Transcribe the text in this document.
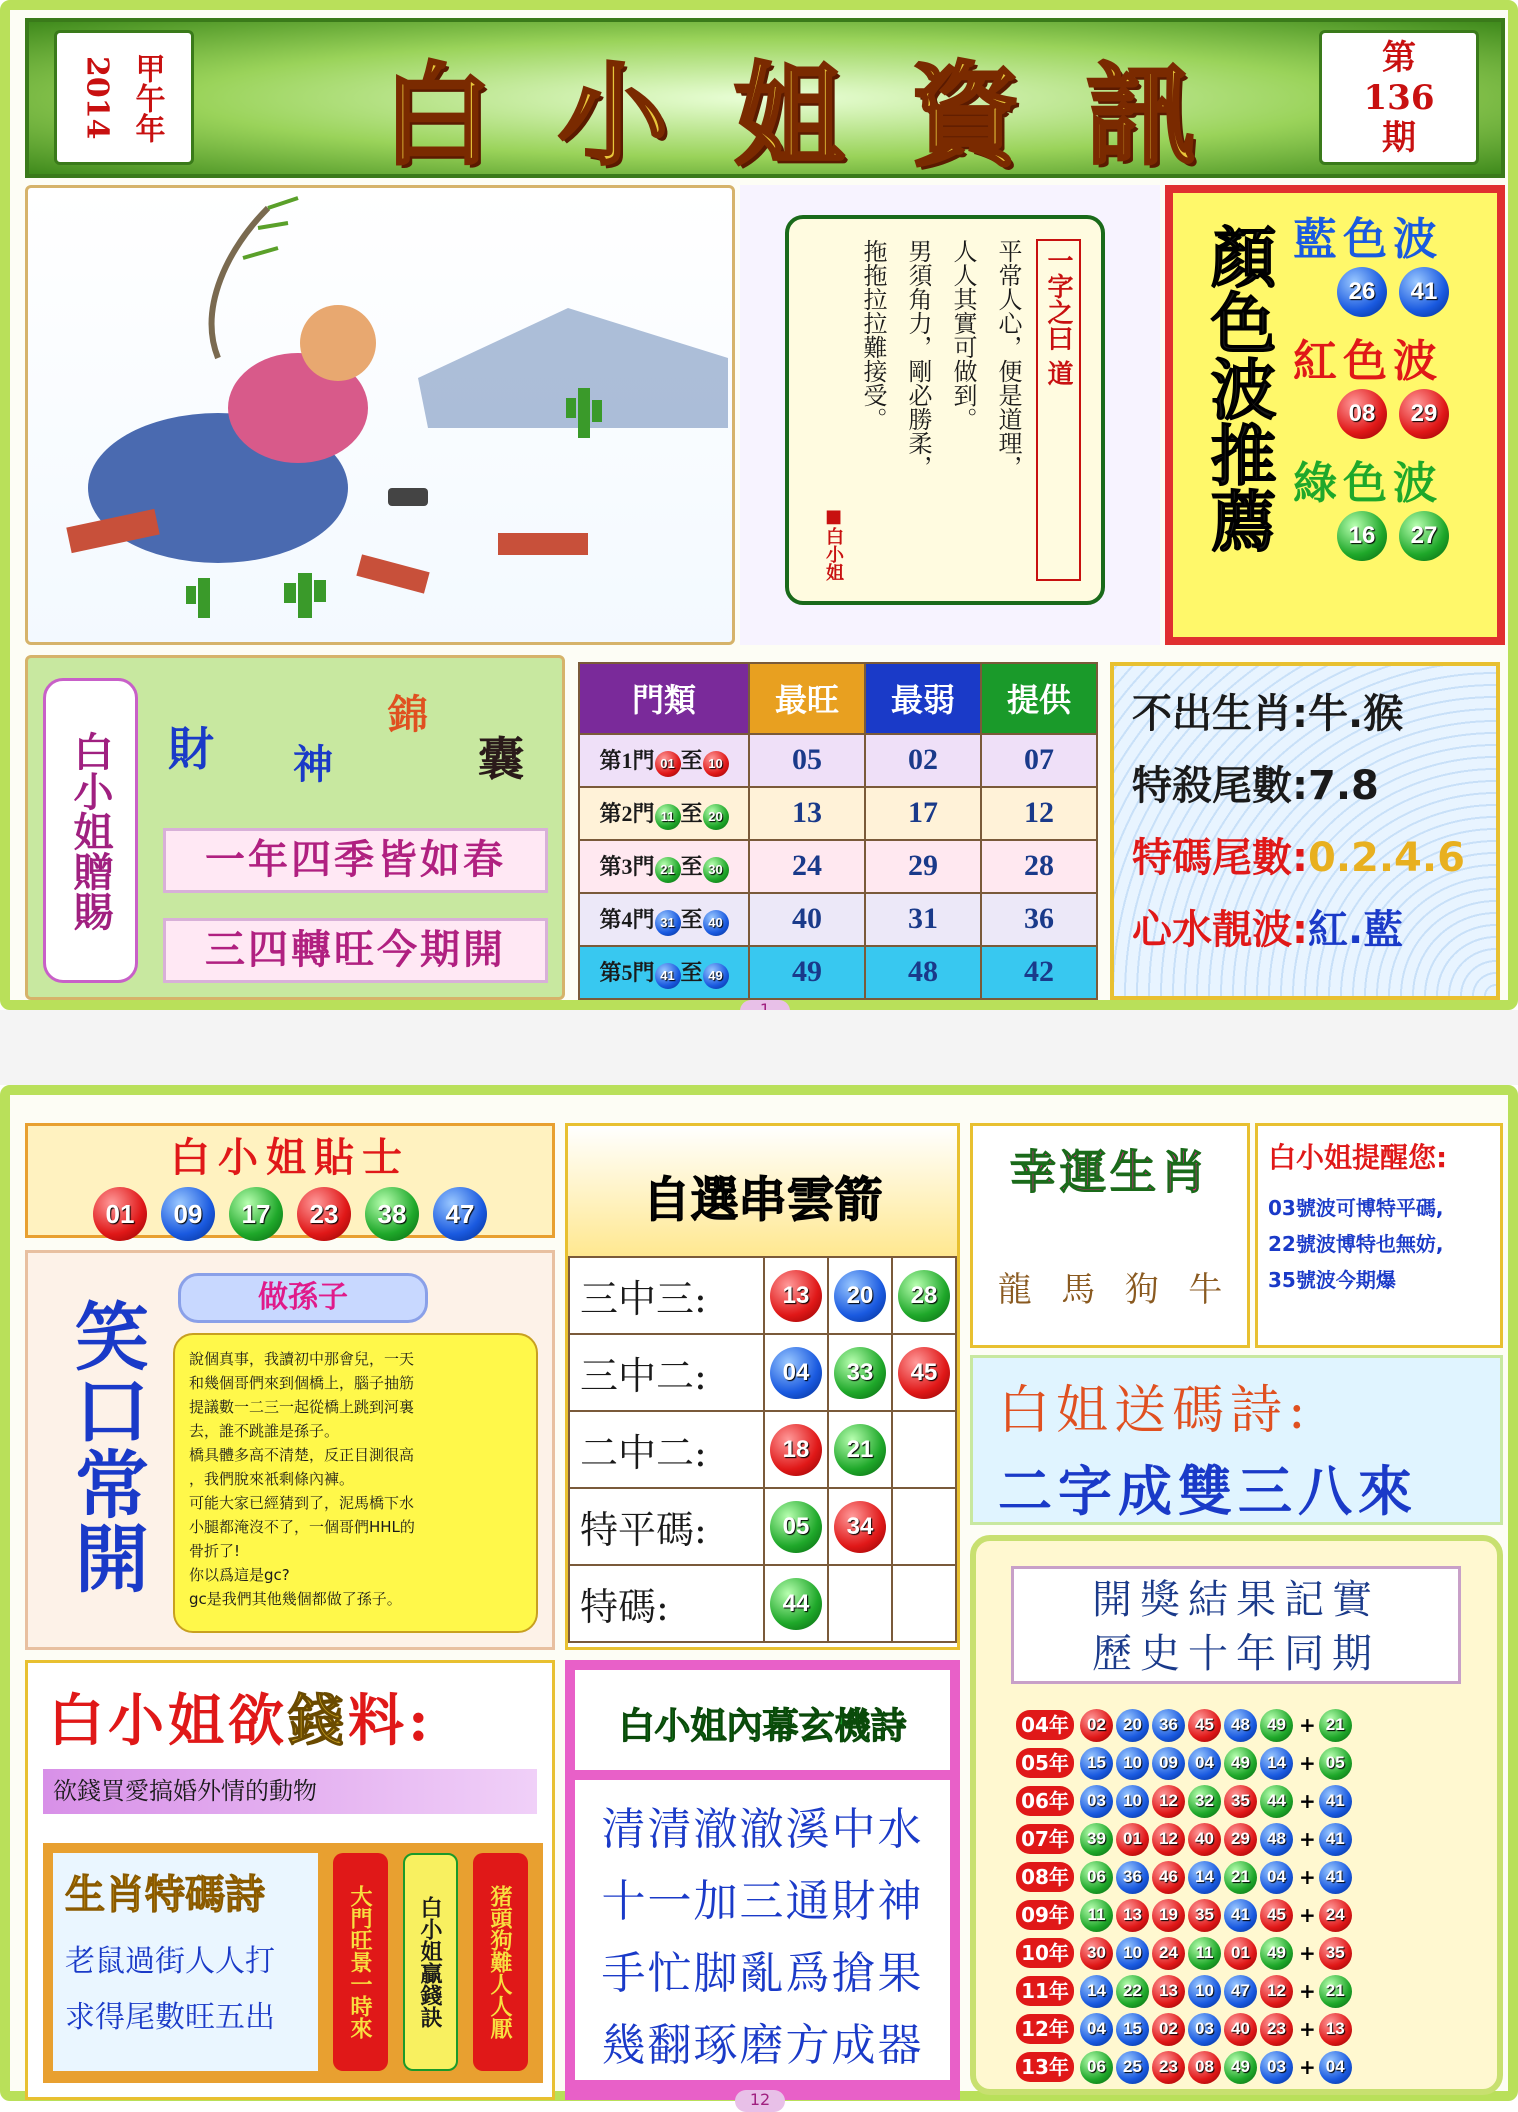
2014 甲午年 白 小 姐 資 訊	第
136
期
一字之曰 道
平常人心，便是道理，
人人其實可做到。
男須角力，剛必勝柔，
拖拖拉拉難接受。
■白小姐	顏色波推薦 藍色波
26	41
紅色波
08	29
綠色波
16	27
白小姐贈賜	財 神
錦
囊
一年四季皆如春
三四轉旺今期開
門類	最旺	最弱	提供
第1門 01 至 10	05	02	07
第2門 11 至 20	13	17	12
第3門 21 至 30	24	29	28
第4門 31 至 40	40	31	36
第5門 41 至 49	49	48	42
不出生肖:牛.猴
特殺尾數:7.8
特碼尾數:0.2.4.6
心水靚波:紅.藍
白小姐貼士
01	09	17	23	38	47
笑口常開
做孫子
說個真事，我讀初中那會兒，一天
和幾個哥們來到個橋上，腦子抽筋
提議數一二三一起從橋上跳到河裏
去，誰不跳誰是孫子。
橋具體多高不清楚，反正目測很高
，我們脫來衹剩條內褲。
可能大家已經猜到了，泥馬橋下水
小腿都淹沒不了，一個哥們HHL的
骨折了!
你以爲這是gc?
gc是我們其他幾個都做了孫子。
自選串雲箭
三中三:	13	20	28
三中二:	04	33	45
二中二:	18	21	
特平碼:	05	34	
特碼:	44		
幸運生肖
龍 馬 狗 牛
白小姐提醒您:
03號波可博特平碼,
22號波博特也無妨,
35號波今期爆
白姐送碼詩:
二字成雙三八來
開獎結果記實
歷史十年同期
04年	02	20	36	45	48	49 + 21
05年	15	10	09	04	49	14 + 05
06年	03	10	12	32	35	44 + 41
07年	39	01	12	40	29	48 + 41
08年	06	36	46	14	21	04 + 41
09年	11	13	19	35	41	45 + 24
10年	30	10	24	11	01	49 + 35
11年	14	22	13	10	47	12 + 21
12年	04	15	02	03	40	23 + 13
13年	06	25	23	08	49	03 + 04
白小姐欲錢料:
欲錢買愛搞婚外情的動物
生肖特碼詩
老鼠過街人人打
求得尾數旺五出	大門旺景一時來	白小姐贏錢訣	猪頭狗難人人厭
白小姐內幕玄機詩
清清澈澈溪中水
十一加三通財神
手忙脚亂爲搶果
幾翻琢磨方成器
12
